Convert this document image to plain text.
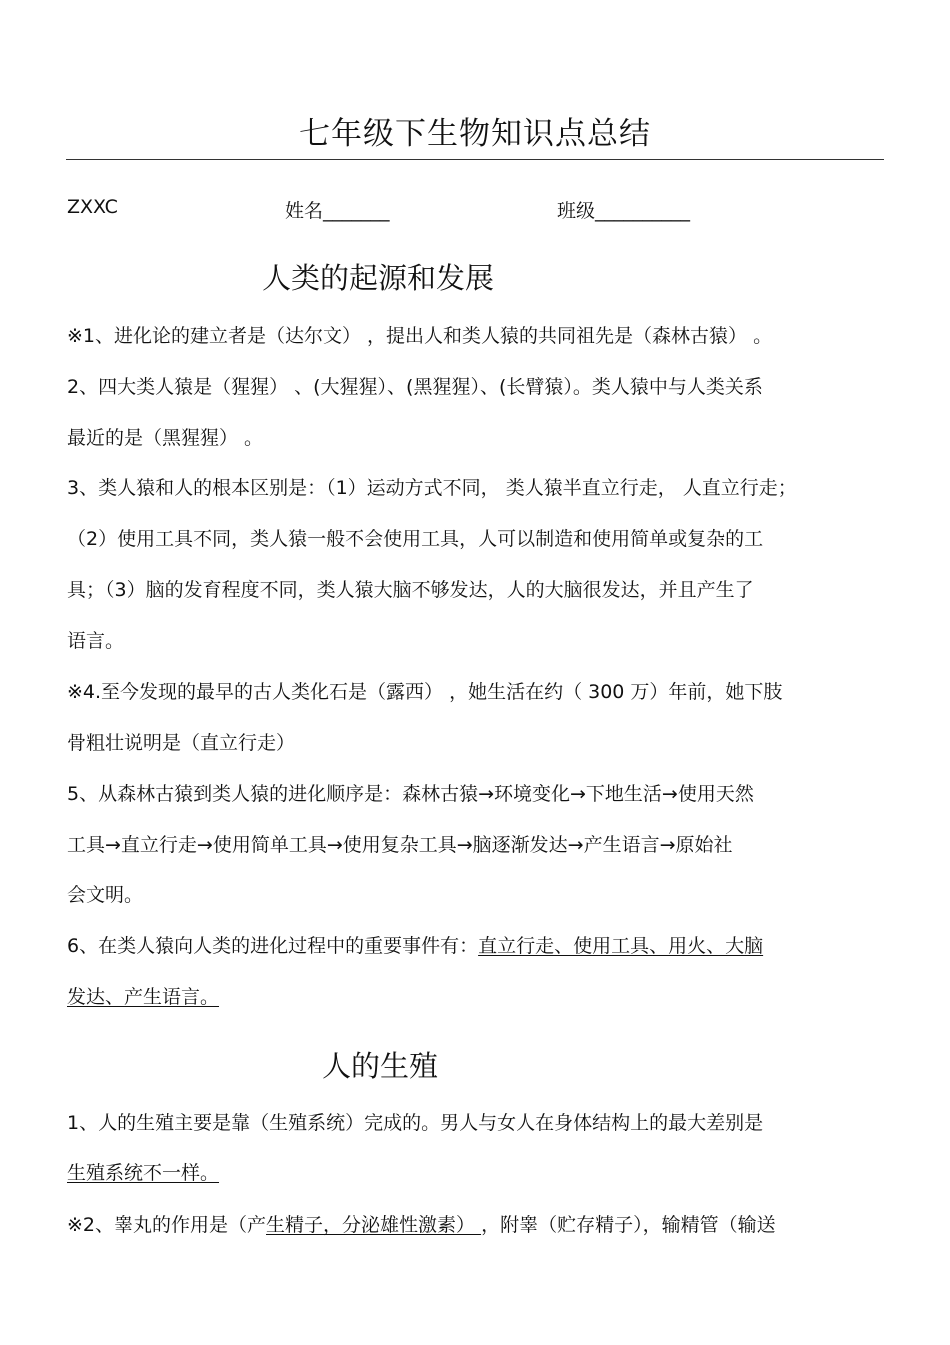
七年级下生物知识点总结
ZXXC	姓名_______	班级__________
人类的起源和发展
※1、进化论的建立者是（达尔文） ，提出人和类人猿的共同祖先是（森林古猿） 。
2、四大类人猿是（猩猩） 、(大猩猩）、(黑猩猩）、(长臂猿）。类人猿中与人类关系
最近的是（黑猩猩） 。
3、类人猿和人的根本区别是：（1）运动方式不同， 类人猿半直立行走， 人直立行走；
（2）使用工具不同，类人猿一般不会使用工具，人可以制造和使用简单或复杂的工
具；（3）脑的发育程度不同，类人猿大脑不够发达，人的大脑很发达，并且产生了
语言。
※4.至今发现的最早的古人类化石是（露西） ，她生活在约（ 300 万）年前，她下肢
骨粗壮说明是（直立行走）
5、从森林古猿到类人猿的进化顺序是：森林古猿→环境变化→下地生活→使用天然
工具→直立行走→使用简单工具→使用复杂工具→脑逐渐发达→产生语言→原始社
会文明。
6、在类人猿向人类的进化过程中的重要事件有：直立行走、使用工具、用火、大脑
发达、产生语言。
人的生殖
1、人的生殖主要是靠（生殖系统）完成的。男人与女人在身体结构上的最大差别是
生殖系统不一样。
※2、睾丸的作用是（产生精子，分泌雄性激素） ，附睾（贮存精子），输精管（输送
